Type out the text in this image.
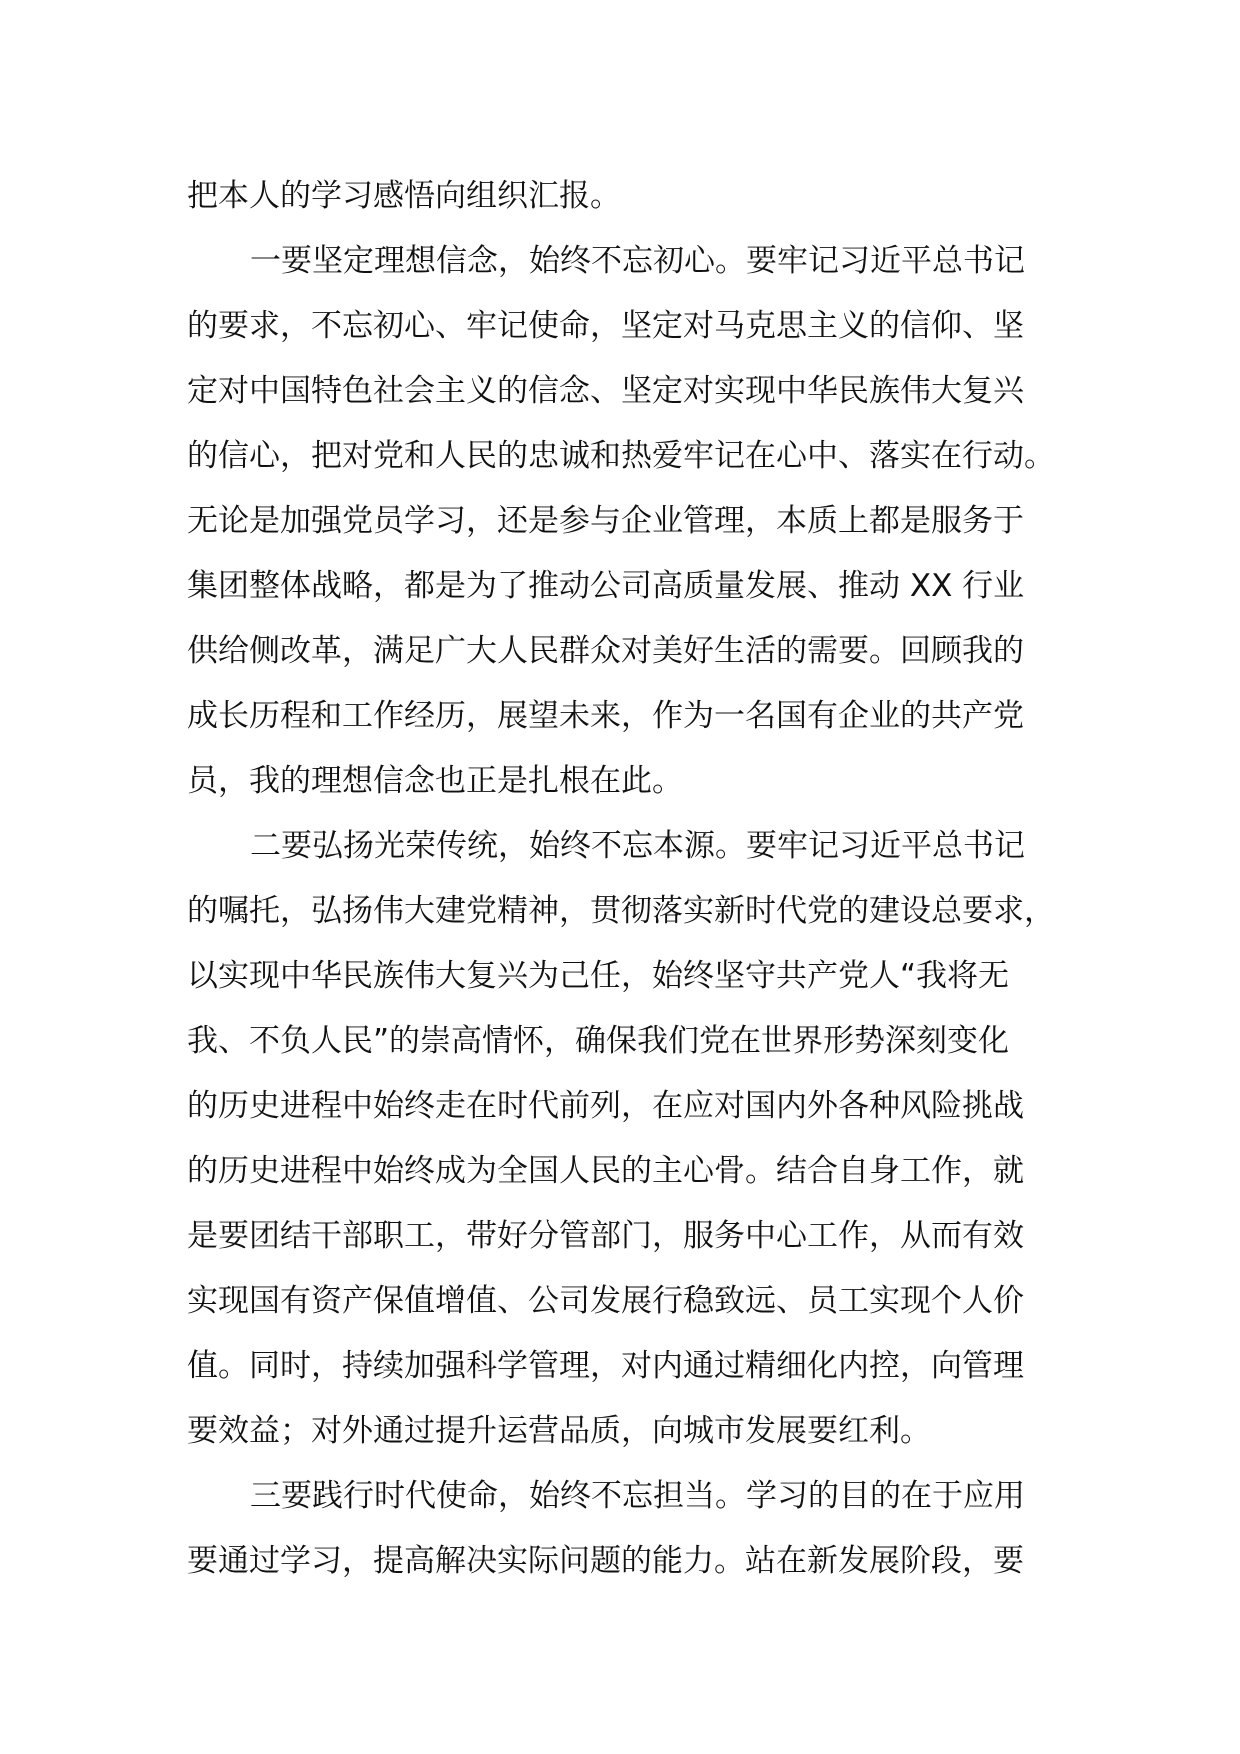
把本人的学习感悟向组织汇报。
一要坚定理想信念，始终不忘初心。要牢记习近平总书记
的要求，不忘初心、牢记使命，坚定对马克思主义的信仰、坚
定对中国特色社会主义的信念、坚定对实现中华民族伟大复兴
的信心，把对党和人民的忠诚和热爱牢记在心中、落实在行动。
无论是加强党员学习，还是参与企业管理，本质上都是服务于
集团整体战略，都是为了推动公司高质量发展、推动 XX 行业
供给侧改革，满足广大人民群众对美好生活的需要。回顾我的
成长历程和工作经历，展望未来，作为一名国有企业的共产党
员，我的理想信念也正是扎根在此。
二要弘扬光荣传统，始终不忘本源。要牢记习近平总书记
的嘱托，弘扬伟大建党精神，贯彻落实新时代党的建设总要求，
以实现中华民族伟大复兴为己任，始终坚守共产党人“我将无
我、不负人民”的崇高情怀，确保我们党在世界形势深刻变化
的历史进程中始终走在时代前列，在应对国内外各种风险挑战
的历史进程中始终成为全国人民的主心骨。结合自身工作，就
是要团结干部职工，带好分管部门，服务中心工作，从而有效
实现国有资产保值增值、公司发展行稳致远、员工实现个人价
值。同时，持续加强科学管理，对内通过精细化内控，向管理
要效益；对外通过提升运营品质，向城市发展要红利。
三要践行时代使命，始终不忘担当。学习的目的在于应用
要通过学习，提高解决实际问题的能力。站在新发展阶段，要
